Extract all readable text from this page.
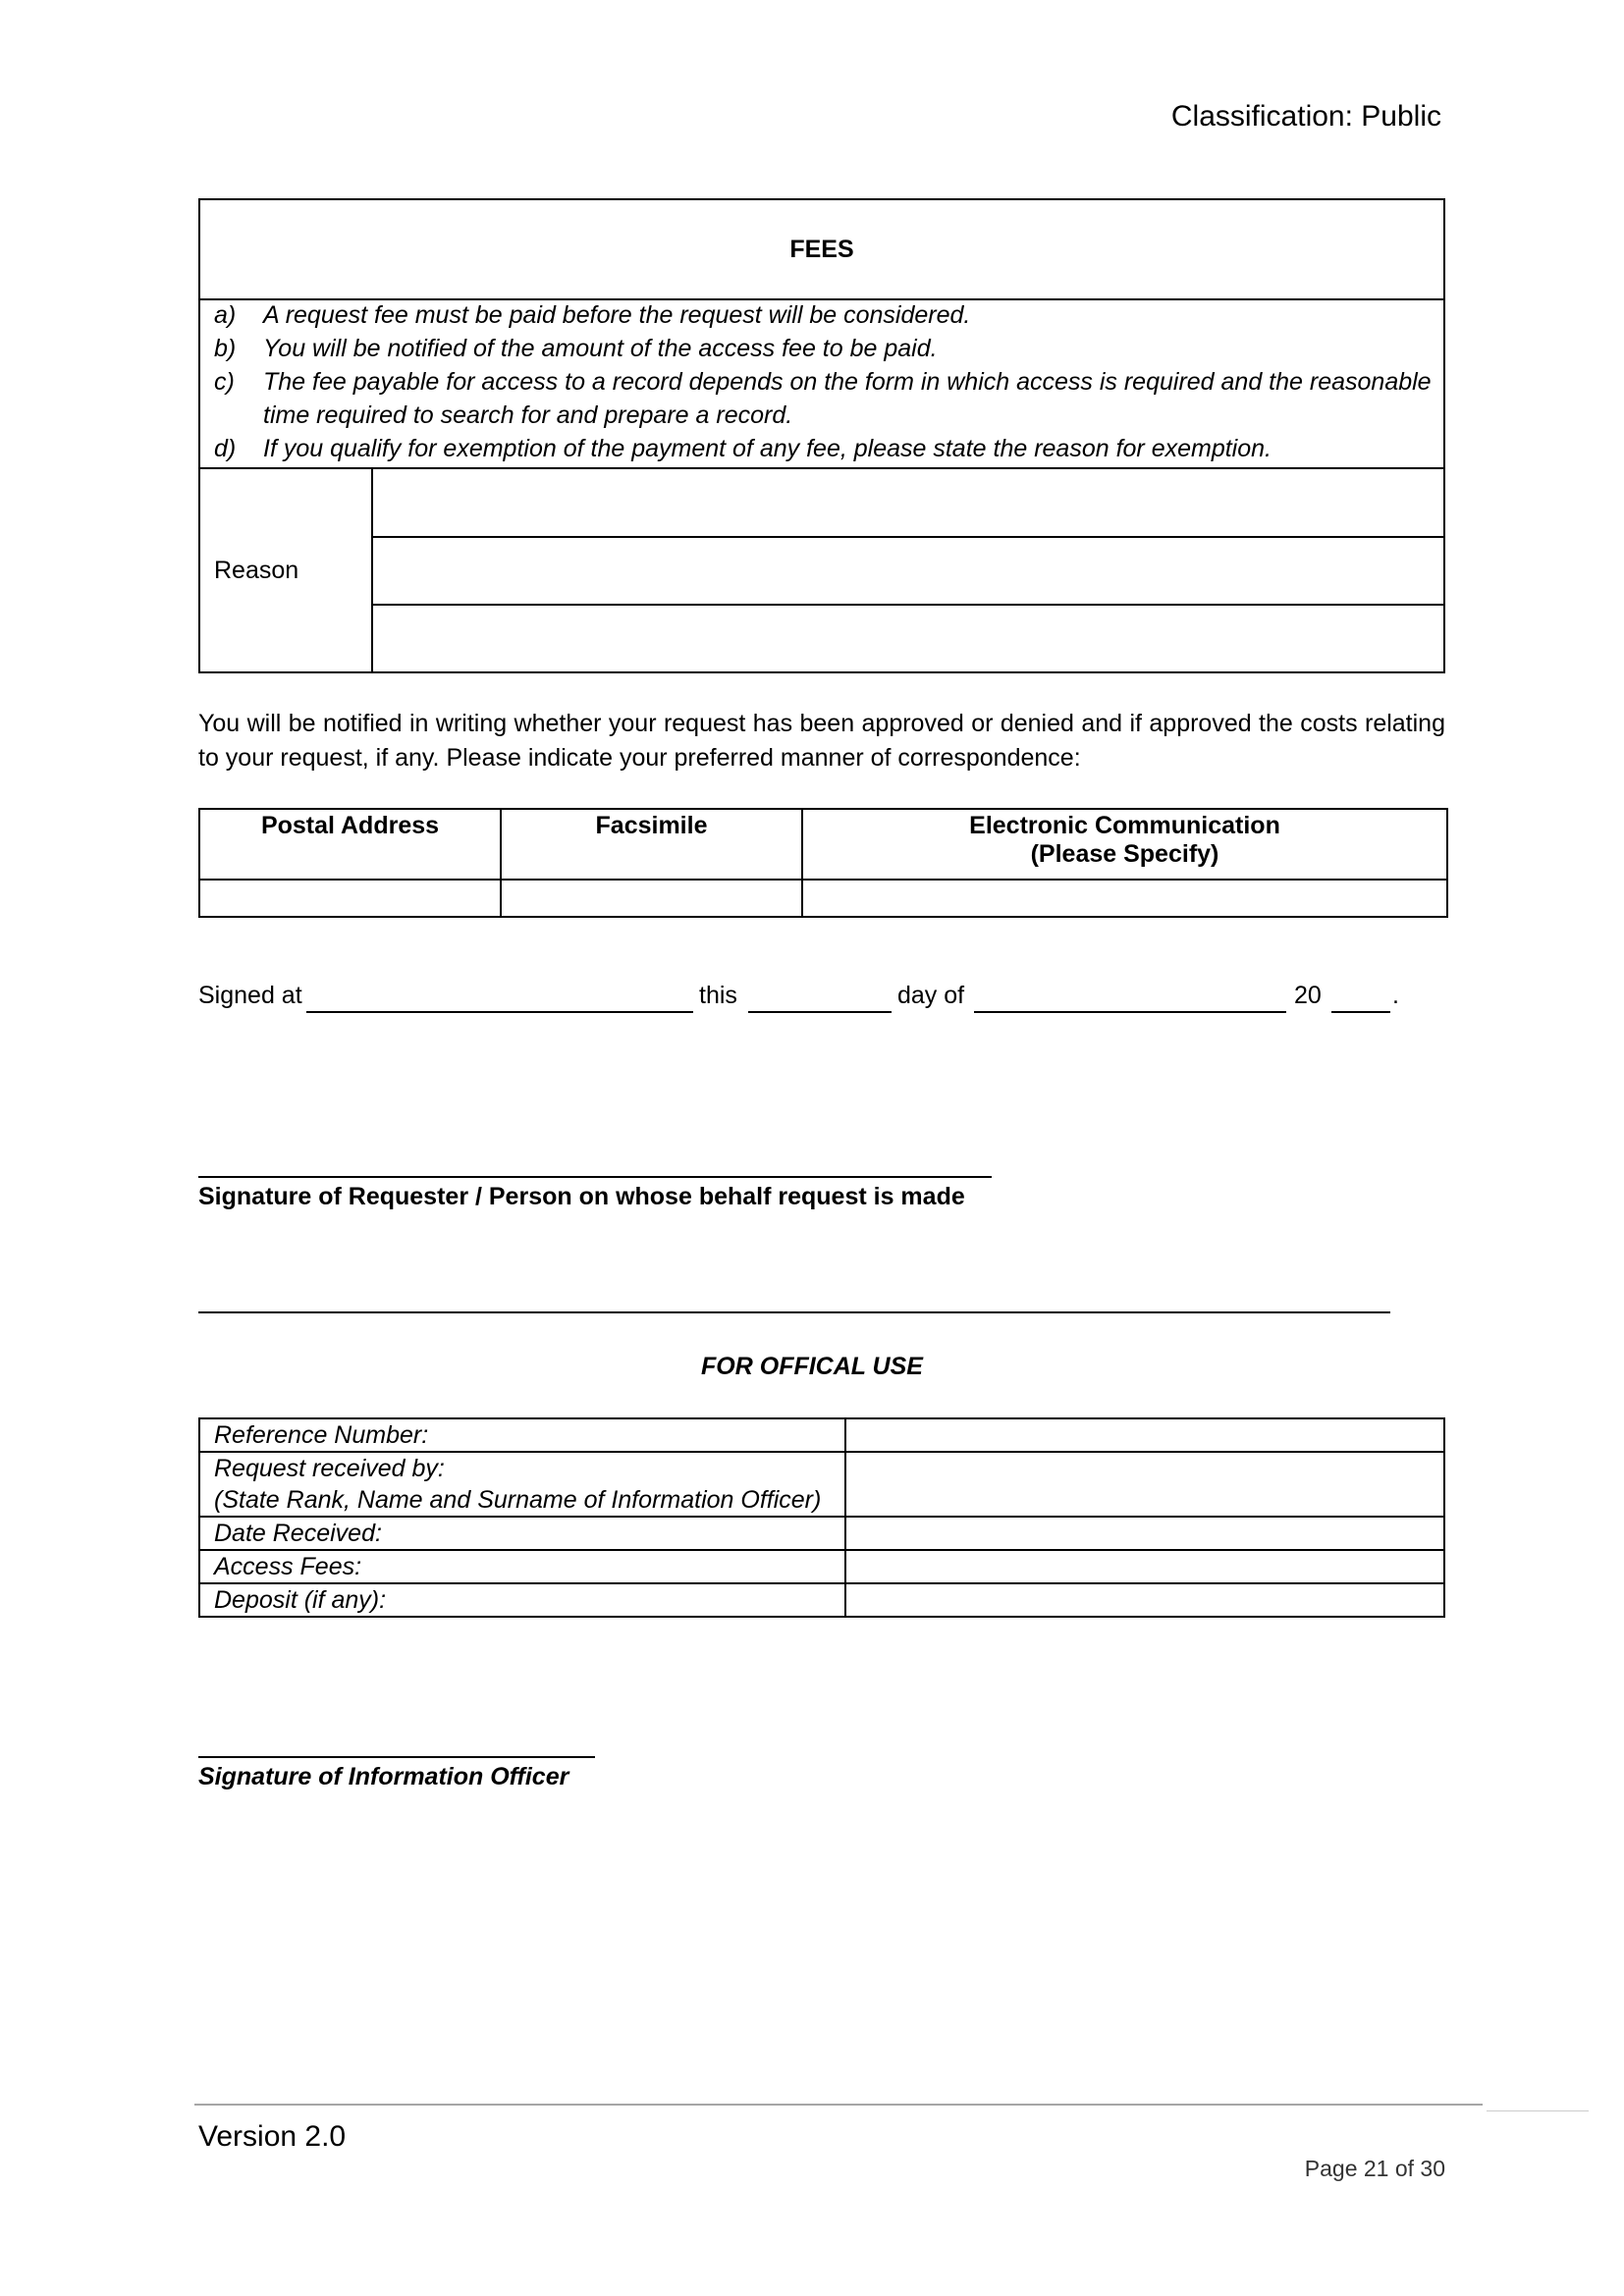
Classification: Public
FEES
a) A request fee must be paid before the request will be considered.
b) You will be notified of the amount of the access fee to be paid.
c) The fee payable for access to a record depends on the form in which access is required and the reasonable time required to search for and prepare a record.
d) If you qualify for exemption of the payment of any fee, please state the reason for exemption.
Reason
You will be notified in writing whether your request has been approved or denied and if approved the costs relating to your request, if any. Please indicate your preferred manner of correspondence:
Postal Address	Facsimile	Electronic Communication
(Please Specify)

Signed at	this	day of	20	.
Signature of Requester / Person on whose behalf request is made
FOR OFFICAL USE
Reference Number:	
Request received by:
(State Rank, Name and Surname of Information Officer)	
Date Received:	
Access Fees:	
Deposit (if any):	
Signature of Information Officer
Version 2.0
Page 21 of 30
